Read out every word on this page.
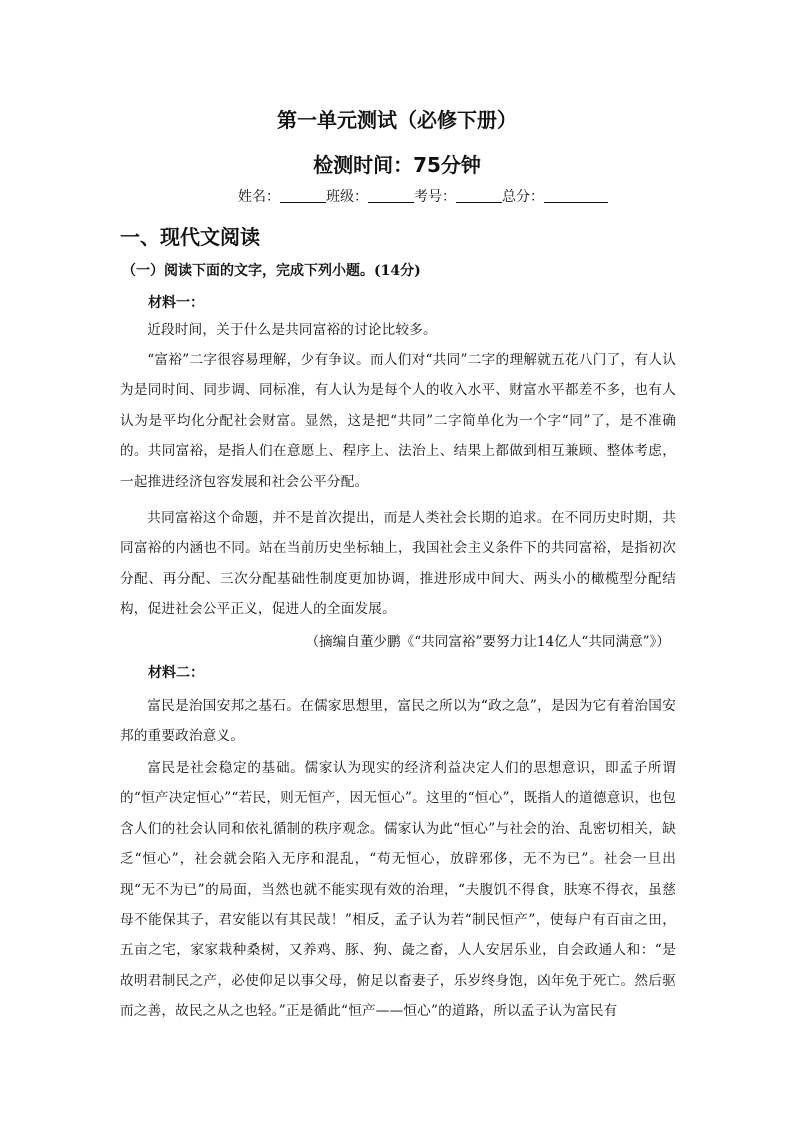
第一单元测试（必修下册）
检测时间：75分钟
姓名：	班级：	考号：	总分：
一、现代文阅读
（一）阅读下面的文字，完成下列小题。(14分)
材料一：

近段时间，关于什么是共同富裕的讨论比较多。

“富裕”二字很容易理解，少有争议。而人们对“共同”二字的理解就五花八门了，有人认为是同时间、同步调、同标准，有人认为是每个人的收入水平、财富水平都差不多，也有人认为是平均化分配社会财富。显然，这是把“共同”二字简单化为一个字“同”了，是不准确的。共同富裕，是指人们在意愿上、程序上、法治上、结果上都做到相互兼顾、整体考虑，一起推进经济包容发展和社会公平分配。

共同富裕这个命题，并不是首次提出，而是人类社会长期的追求。在不同历史时期，共同富裕的内涵也不同。站在当前历史坐标轴上，我国社会主义条件下的共同富裕，是指初次分配、再分配、三次分配基础性制度更加协调，推进形成中间大、两头小的橄榄型分配结构，促进社会公平正义，促进人的全面发展。

（摘编自董少鹏《“共同富裕”要努力让14亿人“共同满意”》）
材料二：

富民是治国安邦之基石。在儒家思想里，富民之所以为“政之急”，是因为它有着治国安邦的重要政治意义。

富民是社会稳定的基础。儒家认为现实的经济利益决定人们的思想意识，即孟子所谓的“恒产决定恒心”“若民，则无恒产，因无恒心”。这里的“恒心”，既指人的道德意识，也包含人们的社会认同和依礼循制的秩序观念。儒家认为此“恒心”与社会的治、乱密切相关，缺乏“恒心”，社会就会陷入无序和混乱，“苟无恒心，放辟邪侈，无不为已”。社会一旦出现“无不为已”的局面，当然也就不能实现有效的治理，“夫腹饥不得食，肤寒不得衣，虽慈母不能保其子，君安能以有其民哉！”相反，孟子认为若“制民恒产”，使每户有百亩之田，五亩之宅，家家栽种桑树，又养鸡、豚、狗、彘之畜，人人安居乐业，自会政通人和：“是故明君制民之产，必使仰足以事父母，俯足以畜妻子，乐岁终身饱，凶年免于死亡。然后驱而之善，故民之从之也轻。”正是循此“恒产——恒心”的道路，所以孟子认为富民有
